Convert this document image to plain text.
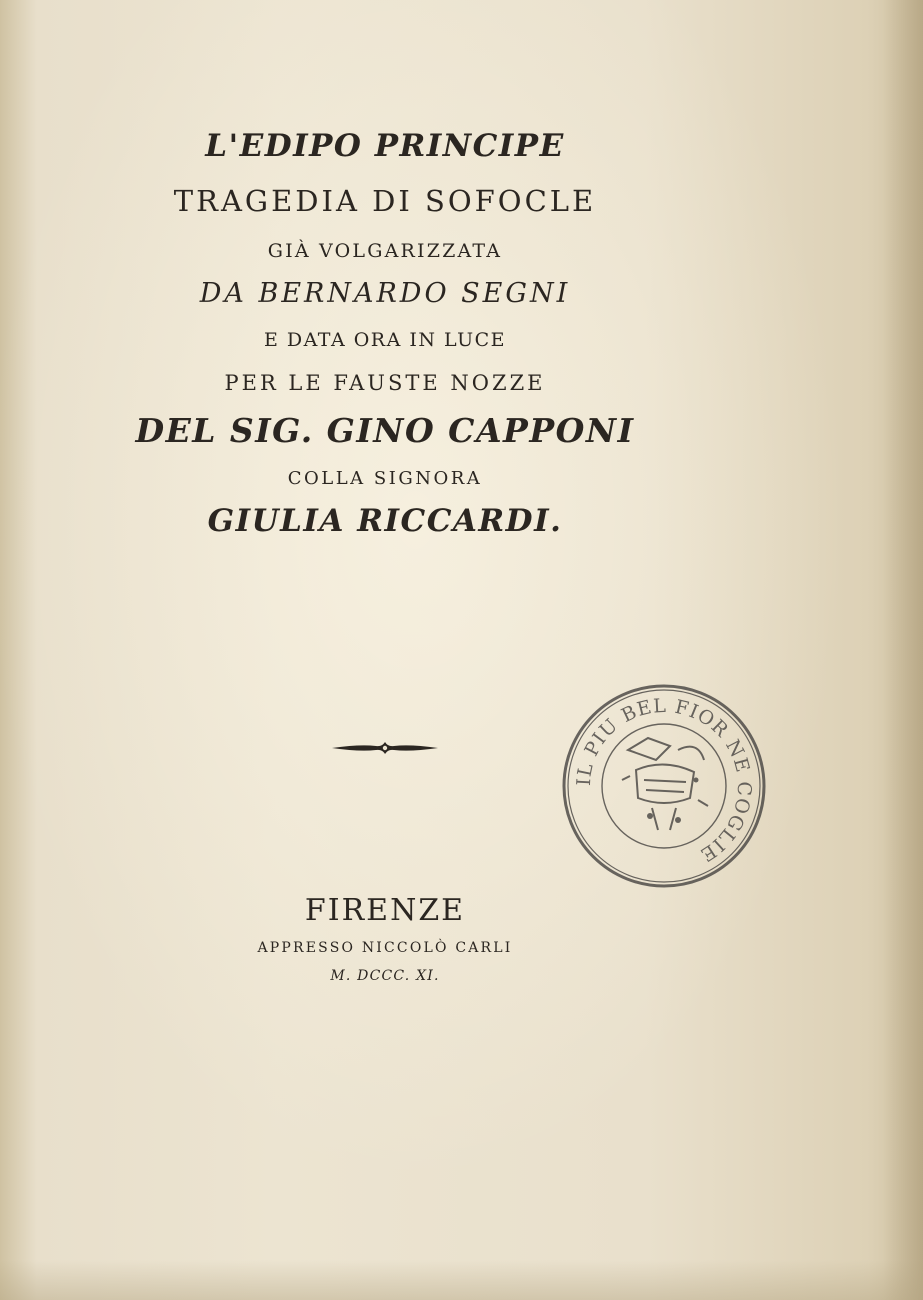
L'EDIPO PRINCIPE
TRAGEDIA DI SOFOCLE
GIÀ VOLGARIZZATA
DA BERNARDO SEGNI
E DATA ORA IN LUCE
PER LE FAUSTE NOZZE
DEL SIG. GINO CAPPONI
COLLA SIGNORA
GIULIA RICCARDI.
FIRENZE
APPRESSO NICCOLÒ CARLI
M. DCCC. XI.
IL PIU BEL FIOR NE COGLIE
